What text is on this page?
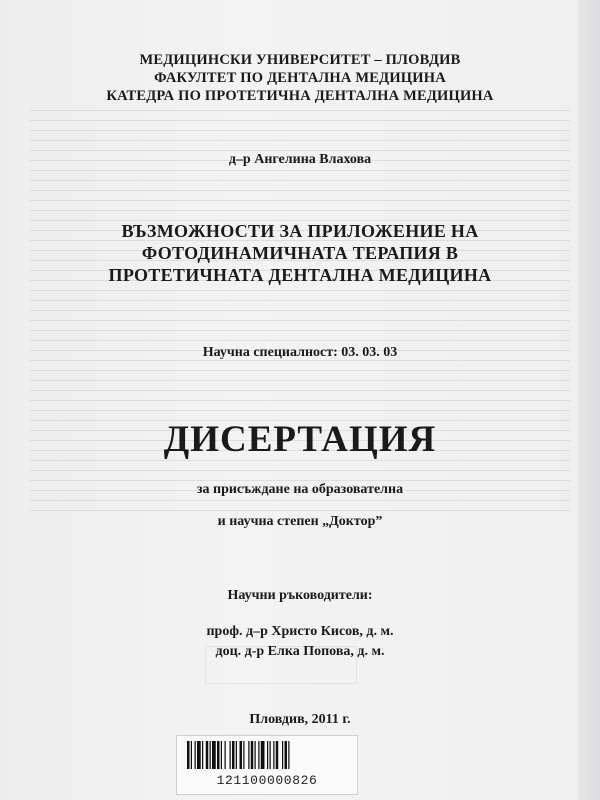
МЕДИЦИНСКИ УНИВЕРСИТЕТ – ПЛОВДИВ
ФАКУЛТЕТ ПО ДЕНТАЛНА МЕДИЦИНА
КАТЕДРА ПО ПРОТЕТИЧНА ДЕНТАЛНА МЕДИЦИНА
д–р Ангелина Влахова
ВЪЗМОЖНОСТИ ЗА ПРИЛОЖЕНИЕ НА
ФОТОДИНАМИЧНАТА ТЕРАПИЯ В
ПРОТЕТИЧНАТА ДЕНТАЛНА МЕДИЦИНА
Научна специалност: 03. 03. 03
ДИСЕРТАЦИЯ
за присъждане на образователна
и научна степен „Доктор”
Научни ръководители:
проф. д–р Христо Кисов, д. м.
доц. д-р Елка Попова, д. м.
Пловдив, 2011 г.
121100000826
